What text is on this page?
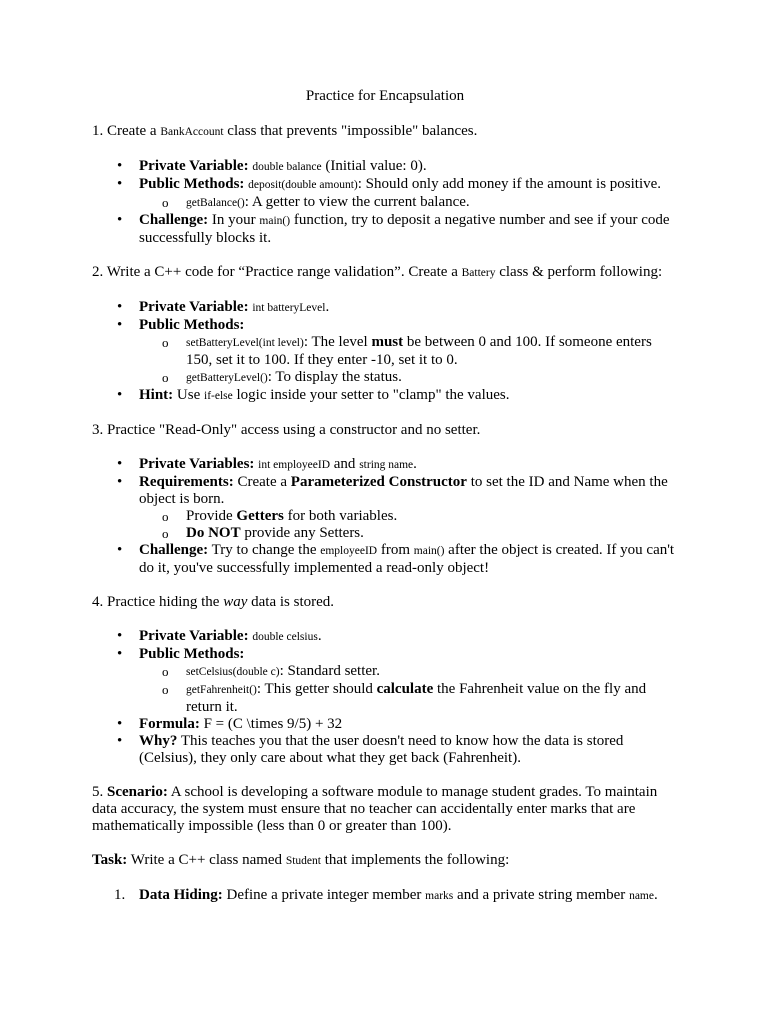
Practice for Encapsulation
1. Create a BankAccount class that prevents "impossible" balances.
• Private Variable: double balance (Initial value: 0).
• Public Methods: deposit(double amount): Should only add money if the amount is positive.
o getBalance(): A getter to view the current balance.
• Challenge: In your main() function, try to deposit a negative number and see if your code successfully blocks it.
2. Write a C++ code for “Practice range validation”. Create a Battery class & perform following:
• Private Variable: int batteryLevel.
• Public Methods:
o setBatteryLevel(int level): The level must be between 0 and 100. If someone enters 150, set it to 100. If they enter -10, set it to 0.
o getBatteryLevel(): To display the status.
• Hint: Use if-else logic inside your setter to "clamp" the values.
3. Practice "Read-Only" access using a constructor and no setter.
• Private Variables: int employeeID and string name.
• Requirements: Create a Parameterized Constructor to set the ID and Name when the object is born.
o Provide Getters for both variables.
o Do NOT provide any Setters.
• Challenge: Try to change the employeeID from main() after the object is created. If you can't do it, you've successfully implemented a read-only object!
4. Practice hiding the way data is stored.
• Private Variable: double celsius.
• Public Methods:
o setCelsius(double c): Standard setter.
o getFahrenheit(): This getter should calculate the Fahrenheit value on the fly and return it.
• Formula: F = (C \times 9/5) + 32
• Why? This teaches you that the user doesn't need to know how the data is stored (Celsius), they only care about what they get back (Fahrenheit).
5. Scenario: A school is developing a software module to manage student grades. To maintain data accuracy, the system must ensure that no teacher can accidentally enter marks that are mathematically impossible (less than 0 or greater than 100).
Task: Write a C++ class named Student that implements the following:
1. Data Hiding: Define a private integer member marks and a private string member name.
